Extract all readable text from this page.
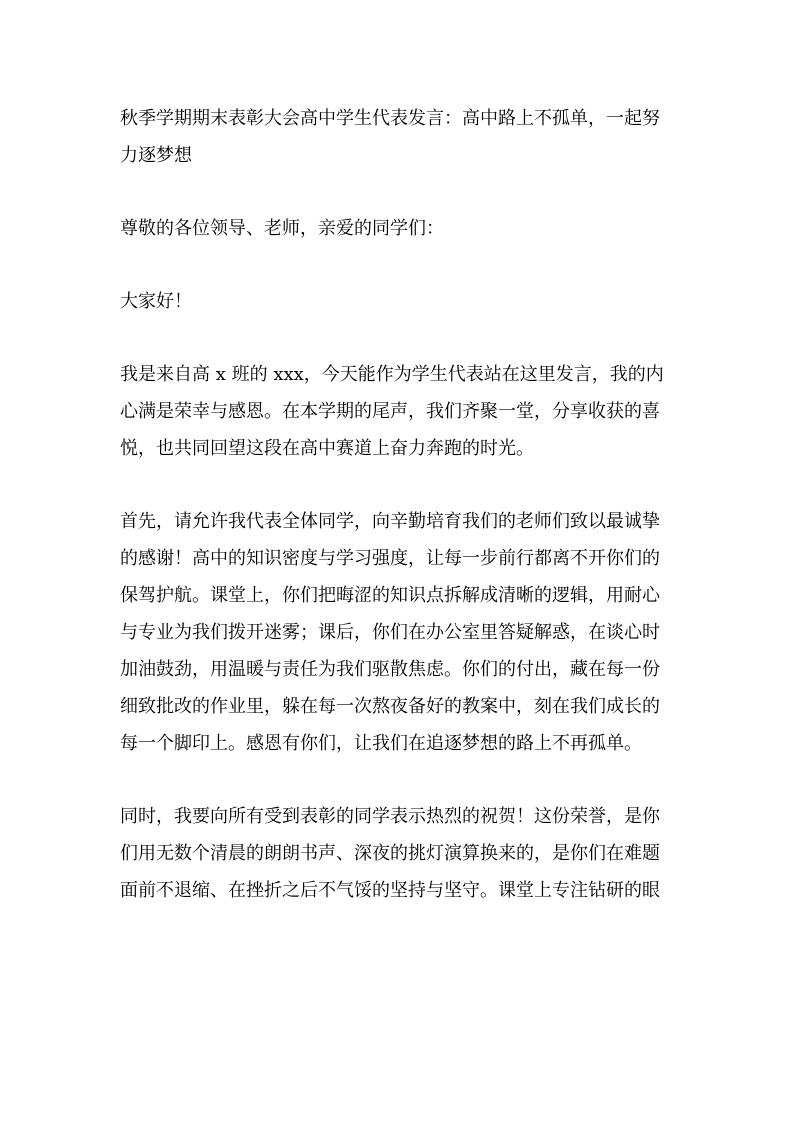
秋季学期期末表彰大会高中学生代表发言：高中路上不孤单，一起努
力逐梦想
尊敬的各位领导、老师，亲爱的同学们：
大家好！
我是来自高 x 班的 xxx，今天能作为学生代表站在这里发言，我的内
心满是荣幸与感恩。在本学期的尾声，我们齐聚一堂，分享收获的喜
悦，也共同回望这段在高中赛道上奋力奔跑的时光。
首先，请允许我代表全体同学，向辛勤培育我们的老师们致以最诚挚
的感谢！高中的知识密度与学习强度，让每一步前行都离不开你们的
保驾护航。课堂上，你们把晦涩的知识点拆解成清晰的逻辑，用耐心
与专业为我们拨开迷雾；课后，你们在办公室里答疑解惑，在谈心时
加油鼓劲，用温暖与责任为我们驱散焦虑。你们的付出，藏在每一份
细致批改的作业里，躲在每一次熬夜备好的教案中，刻在我们成长的
每一个脚印上。感恩有你们，让我们在追逐梦想的路上不再孤单。
同时，我要向所有受到表彰的同学表示热烈的祝贺！这份荣誉，是你
们用无数个清晨的朗朗书声、深夜的挑灯演算换来的，是你们在难题
面前不退缩、在挫折之后不气馁的坚持与坚守。课堂上专注钻研的眼
